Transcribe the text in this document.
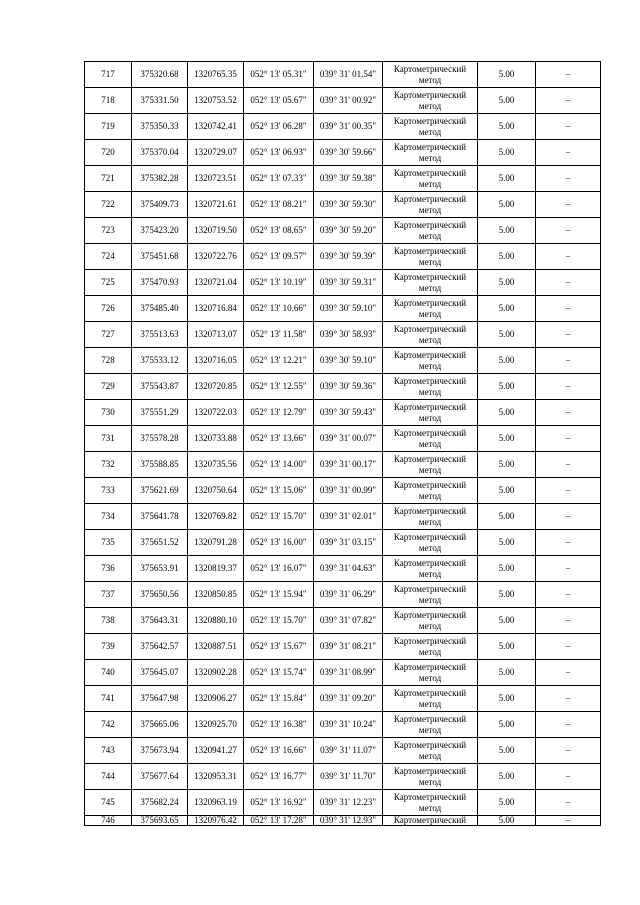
717	375320.68	1320765.35	052° 13' 05.31"	039° 31' 01.54"	Картометрический метод	5.00	–
718	375331.50	1320753.52	052° 13' 05.67"	039° 31' 00.92"	Картометрический метод	5.00	–
719	375350.33	1320742.41	052° 13' 06.28"	039° 31' 00.35"	Картометрический метод	5.00	–
720	375370.04	1320729.07	052° 13' 06.93"	039° 30' 59.66"	Картометрический метод	5.00	–
721	375382.28	1320723.51	052° 13' 07.33"	039° 30' 59.38"	Картометрический метод	5.00	–
722	375409.73	1320721.61	052° 13' 08.21"	039° 30' 59.30"	Картометрический метод	5.00	–
723	375423.20	1320719.50	052° 13' 08.65"	039° 30' 59.20"	Картометрический метод	5.00	–
724	375451.68	1320722.76	052° 13' 09.57"	039° 30' 59.39"	Картометрический метод	5.00	–
725	375470.93	1320721.04	052° 13' 10.19"	039° 30' 59.31"	Картометрический метод	5.00	–
726	375485.40	1320716.84	052° 13' 10.66"	039° 30' 59.10"	Картометрический метод	5.00	–
727	375513.63	1320713.07	052° 13' 11.58"	039° 30' 58.93"	Картометрический метод	5.00	–
728	375533.12	1320716.05	052° 13' 12.21"	039° 30' 59.10"	Картометрический метод	5.00	–
729	375543.87	1320720.85	052° 13' 12.55"	039° 30' 59.36"	Картометрический метод	5.00	–
730	375551.29	1320722.03	052° 13' 12.79"	039° 30' 59.43"	Картометрический метод	5.00	–
731	375578.28	1320733.88	052° 13' 13.66"	039° 31' 00.07"	Картометрический метод	5.00	–
732	375588.85	1320735.56	052° 13' 14.00"	039° 31' 00.17"	Картометрический метод	5.00	–
733	375621.69	1320750.64	052° 13' 15.06"	039° 31' 00.99"	Картометрический метод	5.00	–
734	375641.78	1320769.82	052° 13' 15.70"	039° 31' 02.01"	Картометрический метод	5.00	–
735	375651.52	1320791.28	052° 13' 16.00"	039° 31' 03.15"	Картометрический метод	5.00	–
736	375653.91	1320819.37	052° 13' 16.07"	039° 31' 04.63"	Картометрический метод	5.00	–
737	375650.56	1320850.85	052° 13' 15.94"	039° 31' 06.29"	Картометрический метод	5.00	–
738	375643.31	1320880.10	052° 13' 15.70"	039° 31' 07.82"	Картометрический метод	5.00	–
739	375642.57	1320887.51	052° 13' 15.67"	039° 31' 08.21"	Картометрический метод	5.00	–
740	375645.07	1320902.28	052° 13' 15.74"	039° 31' 08.99"	Картометрический метод	5.00	–
741	375647.98	1320906.27	052° 13' 15.84"	039° 31' 09.20"	Картометрический метод	5.00	–
742	375665.06	1320925.70	052° 13' 16.38"	039° 31' 10.24"	Картометрический метод	5.00	–
743	375673.94	1320941.27	052° 13' 16.66"	039° 31' 11.07"	Картометрический метод	5.00	–
744	375677.64	1320953.31	052° 13' 16.77"	039° 31' 11.70"	Картометрический метод	5.00	–
745	375682.24	1320963.19	052° 13' 16.92"	039° 31' 12.23"	Картометрический метод	5.00	–
746	375693.65	1320976.42	052° 13' 17.28"	039° 31' 12.93"	Картометрический	5.00	–
